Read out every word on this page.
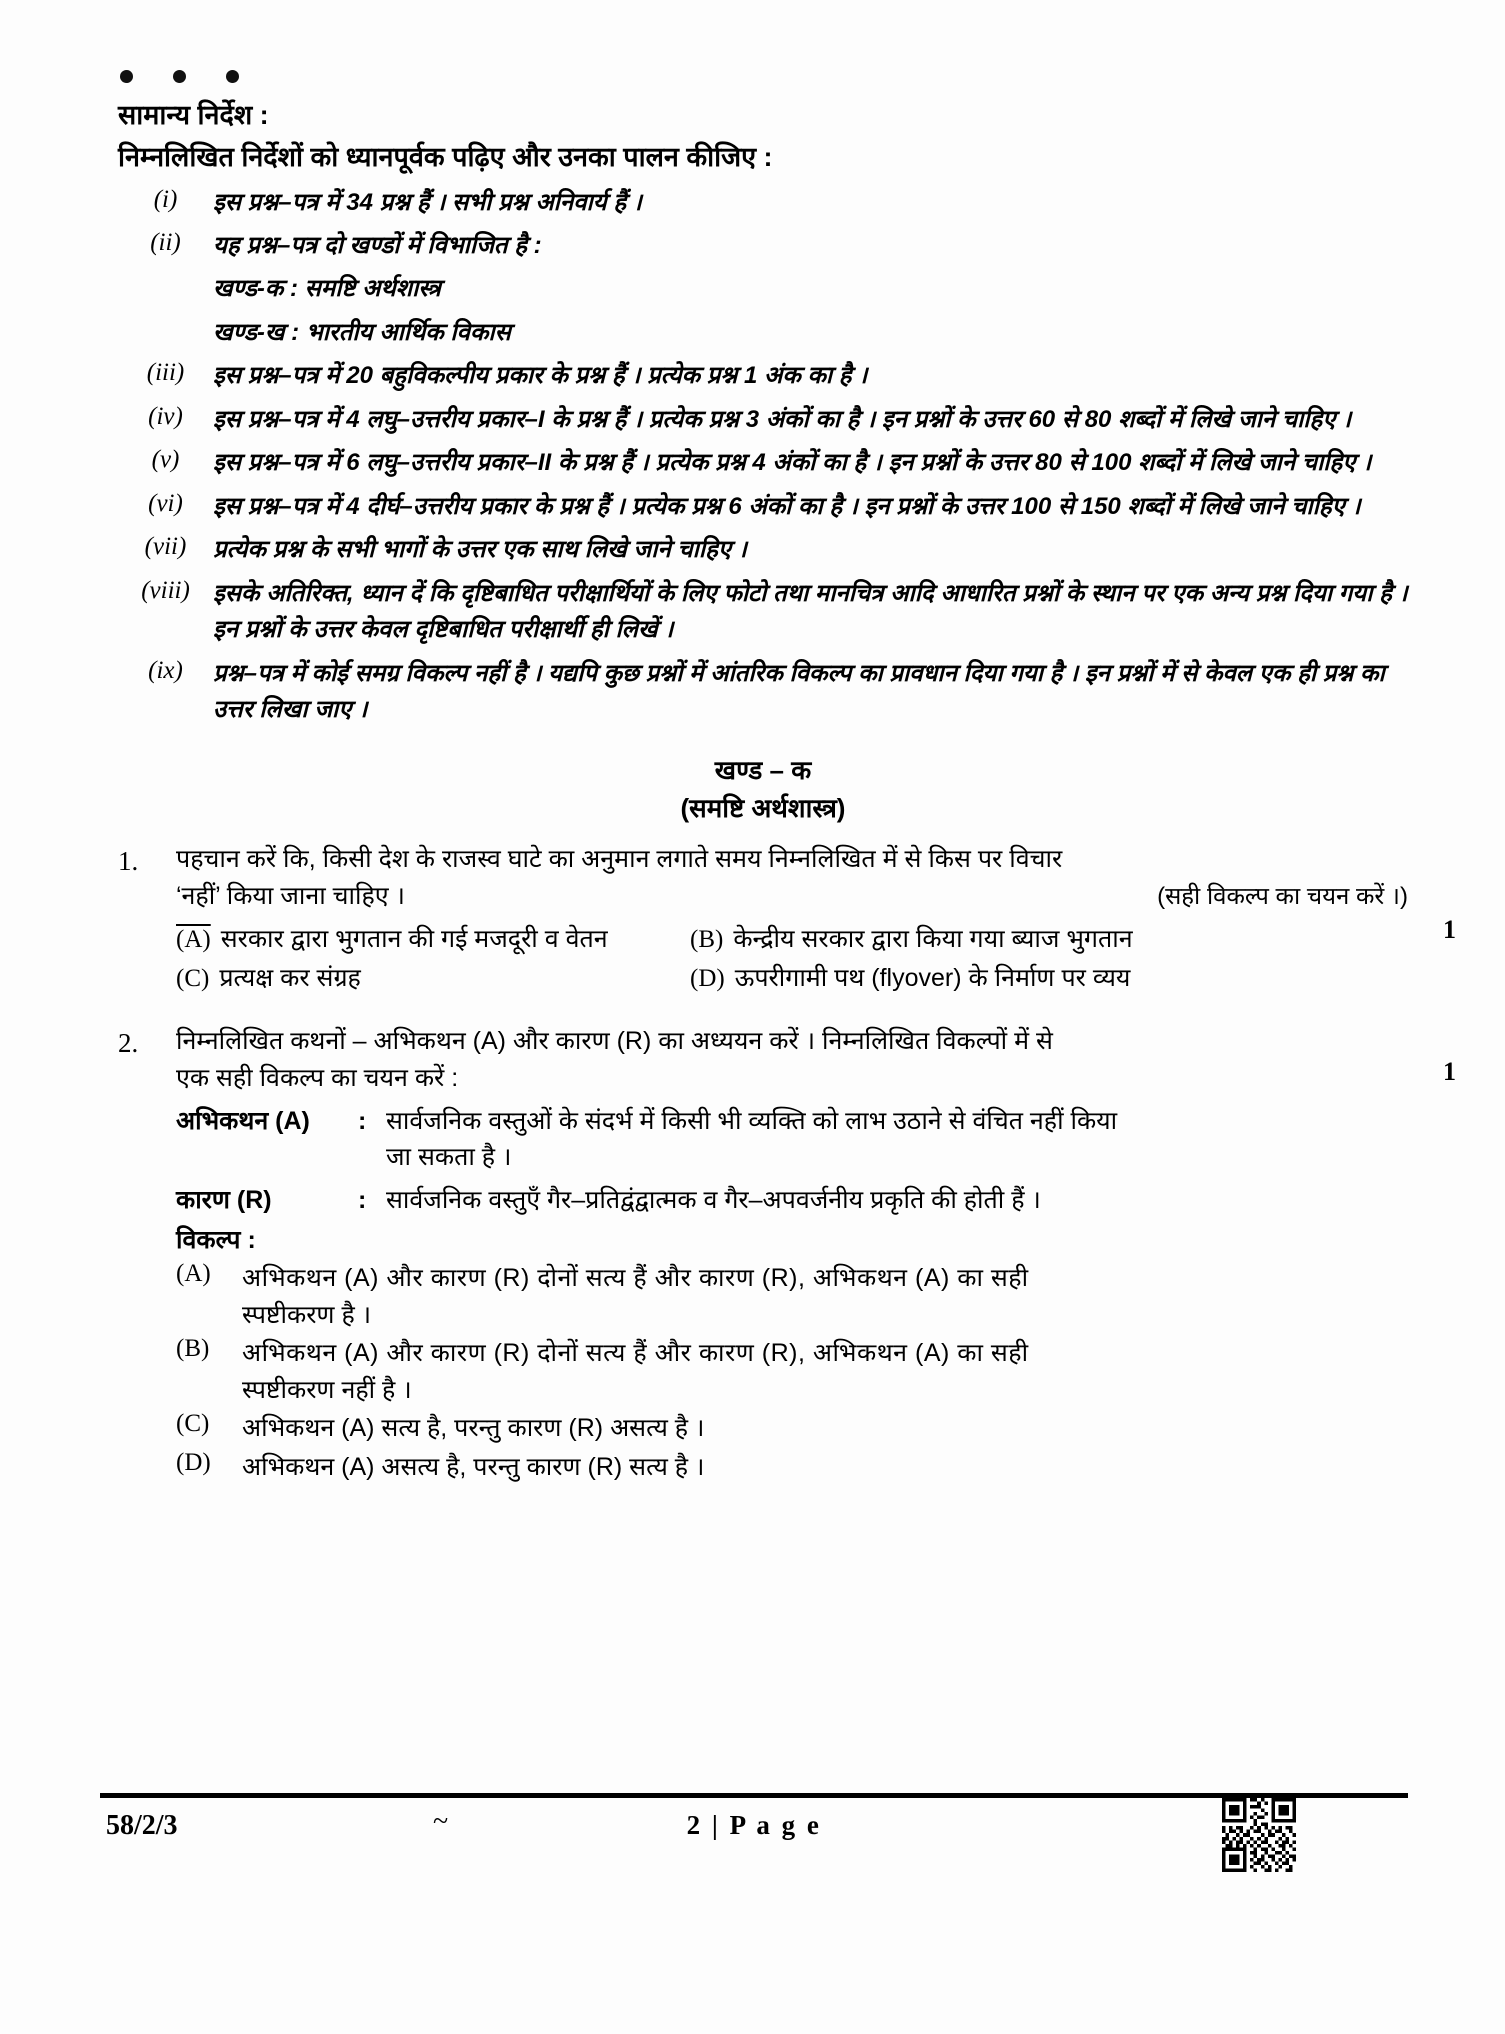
सामान्य निर्देश :
निम्नलिखित निर्देशों को ध्यानपूर्वक पढ़िए और उनका पालन कीजिए :
(i)	इस प्रश्न–पत्र में 34 प्रश्न हैं । सभी प्रश्न अनिवार्य हैं ।
(ii)	यह प्रश्न–पत्र दो खण्डों में विभाजित है :
खण्ड-क : समष्टि अर्थशास्त्र
खण्ड-ख : भारतीय आर्थिक विकास
(iii)	इस प्रश्न–पत्र में 20 बहुविकल्पीय प्रकार के प्रश्न हैं । प्रत्येक प्रश्न 1 अंक का है ।
(iv)	इस प्रश्न–पत्र में 4 लघु–उत्तरीय प्रकार–I के प्रश्न हैं । प्रत्येक प्रश्न 3 अंकों का है । इन प्रश्नों के उत्तर 60 से 80 शब्दों में लिखे जाने चाहिए ।
(v)	इस प्रश्न–पत्र में 6 लघु–उत्तरीय प्रकार–II के प्रश्न हैं । प्रत्येक प्रश्न 4 अंकों का है । इन प्रश्नों के उत्तर 80 से 100 शब्दों में लिखे जाने चाहिए ।
(vi)	इस प्रश्न–पत्र में 4 दीर्घ–उत्तरीय प्रकार के प्रश्न हैं । प्रत्येक प्रश्न 6 अंकों का है । इन प्रश्नों के उत्तर 100 से 150 शब्दों में लिखे जाने चाहिए ।
(vii)	प्रत्येक प्रश्न के सभी भागों के उत्तर एक साथ लिखे जाने चाहिए ।
(viii) इसके अतिरिक्त, ध्यान दें कि दृष्टिबाधित परीक्षार्थियों के लिए फोटो तथा मानचित्र आदि आधारित प्रश्नों के स्थान पर एक अन्य प्रश्न दिया गया है । इन प्रश्नों के उत्तर केवल दृष्टिबाधित परीक्षार्थी ही लिखें ।
(ix)	प्रश्न–पत्र में कोई समग्र विकल्प नहीं है । यद्यपि कुछ प्रश्नों में आंतरिक विकल्प का प्रावधान दिया गया है । इन प्रश्नों में से केवल एक ही प्रश्न का उत्तर लिखा जाए ।
खण्ड – क
(समष्टि अर्थशास्त्र)
1.	पहचान करें कि, किसी देश के राजस्व घाटे का अनुमान लगाते समय निम्नलिखित में से किस पर विचार
‘नहीं’ किया जाना चाहिए ।	(सही विकल्प का चयन करें ।)
1
(A) सरकार द्वारा भुगतान की गई मजदूरी व वेतन	(B) केन्द्रीय सरकार द्वारा किया गया ब्याज भुगतान
(C) प्रत्यक्ष कर संग्रह	(D) ऊपरीगामी पथ (flyover) के निर्माण पर व्यय
2.	निम्नलिखित कथनों – अभिकथन (A) और कारण (R) का अध्ययन करें । निम्नलिखित विकल्पों में से
एक सही विकल्प का चयन करें :	1
अभिकथन (A)	: सार्वजनिक वस्तुओं के संदर्भ में किसी भी व्यक्ति को लाभ उठाने से वंचित नहीं किया
जा सकता है ।
कारण (R)	: सार्वजनिक वस्तुएँ गैर–प्रतिद्वंद्वात्मक व गैर–अपवर्जनीय प्रकृति की होती हैं ।
विकल्प :
(A)	अभिकथन (A) और कारण (R) दोनों सत्य हैं और कारण (R), अभिकथन (A) का सही
स्पष्टीकरण है ।
(B)	अभिकथन (A) और कारण (R) दोनों सत्य हैं और कारण (R), अभिकथन (A) का सही
स्पष्टीकरण नहीं है ।
(C)	अभिकथन (A) सत्य है, परन्तु कारण (R) असत्य है ।
(D)	अभिकथन (A) असत्य है, परन्तु कारण (R) सत्य है ।
58/2/3	~	2 | P a g e
